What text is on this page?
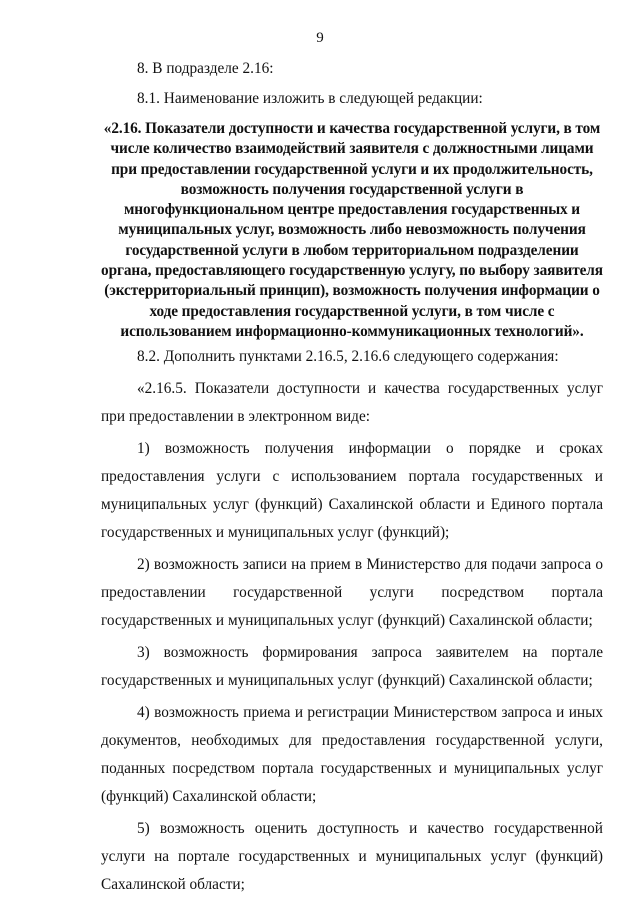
9

8. В подразделе 2.16:

8.1. Наименование изложить в следующей редакции:

«2.16. Показатели доступности и качества государственной услуги, в том числе количество взаимодействий заявителя с должностными лицами при предоставлении государственной услуги и их продолжительность, возможность получения государственной услуги в многофункциональном центре предоставления государственных и муниципальных услуг, возможность либо невозможность получения государственной услуги в любом территориальном подразделении органа, предоставляющего государственную услугу, по выбору заявителя (экстерриториальный принцип), возможность получения информации о ходе предоставления государственной услуги, в том числе с использованием информационно-коммуникационных технологий».

8.2. Дополнить пунктами 2.16.5, 2.16.6 следующего содержания:

«2.16.5. Показатели доступности и качества государственных услуг при предоставлении в электронном виде:

1) возможность получения информации о порядке и сроках предоставления услуги с использованием портала государственных и муниципальных услуг (функций) Сахалинской области и Единого портала государственных и муниципальных услуг (функций);

2) возможность записи на прием в Министерство для подачи запроса о предоставлении государственной услуги посредством портала государственных и муниципальных услуг (функций) Сахалинской области;

3) возможность формирования запроса заявителем на портале государственных и муниципальных услуг (функций) Сахалинской области;

4) возможность приема и регистрации Министерством запроса и иных документов, необходимых для предоставления государственной услуги, поданных посредством портала государственных и муниципальных услуг (функций) Сахалинской области;

5) возможность оценить доступность и качество государственной услуги на портале государственных и муниципальных услуг (функций) Сахалинской области;
